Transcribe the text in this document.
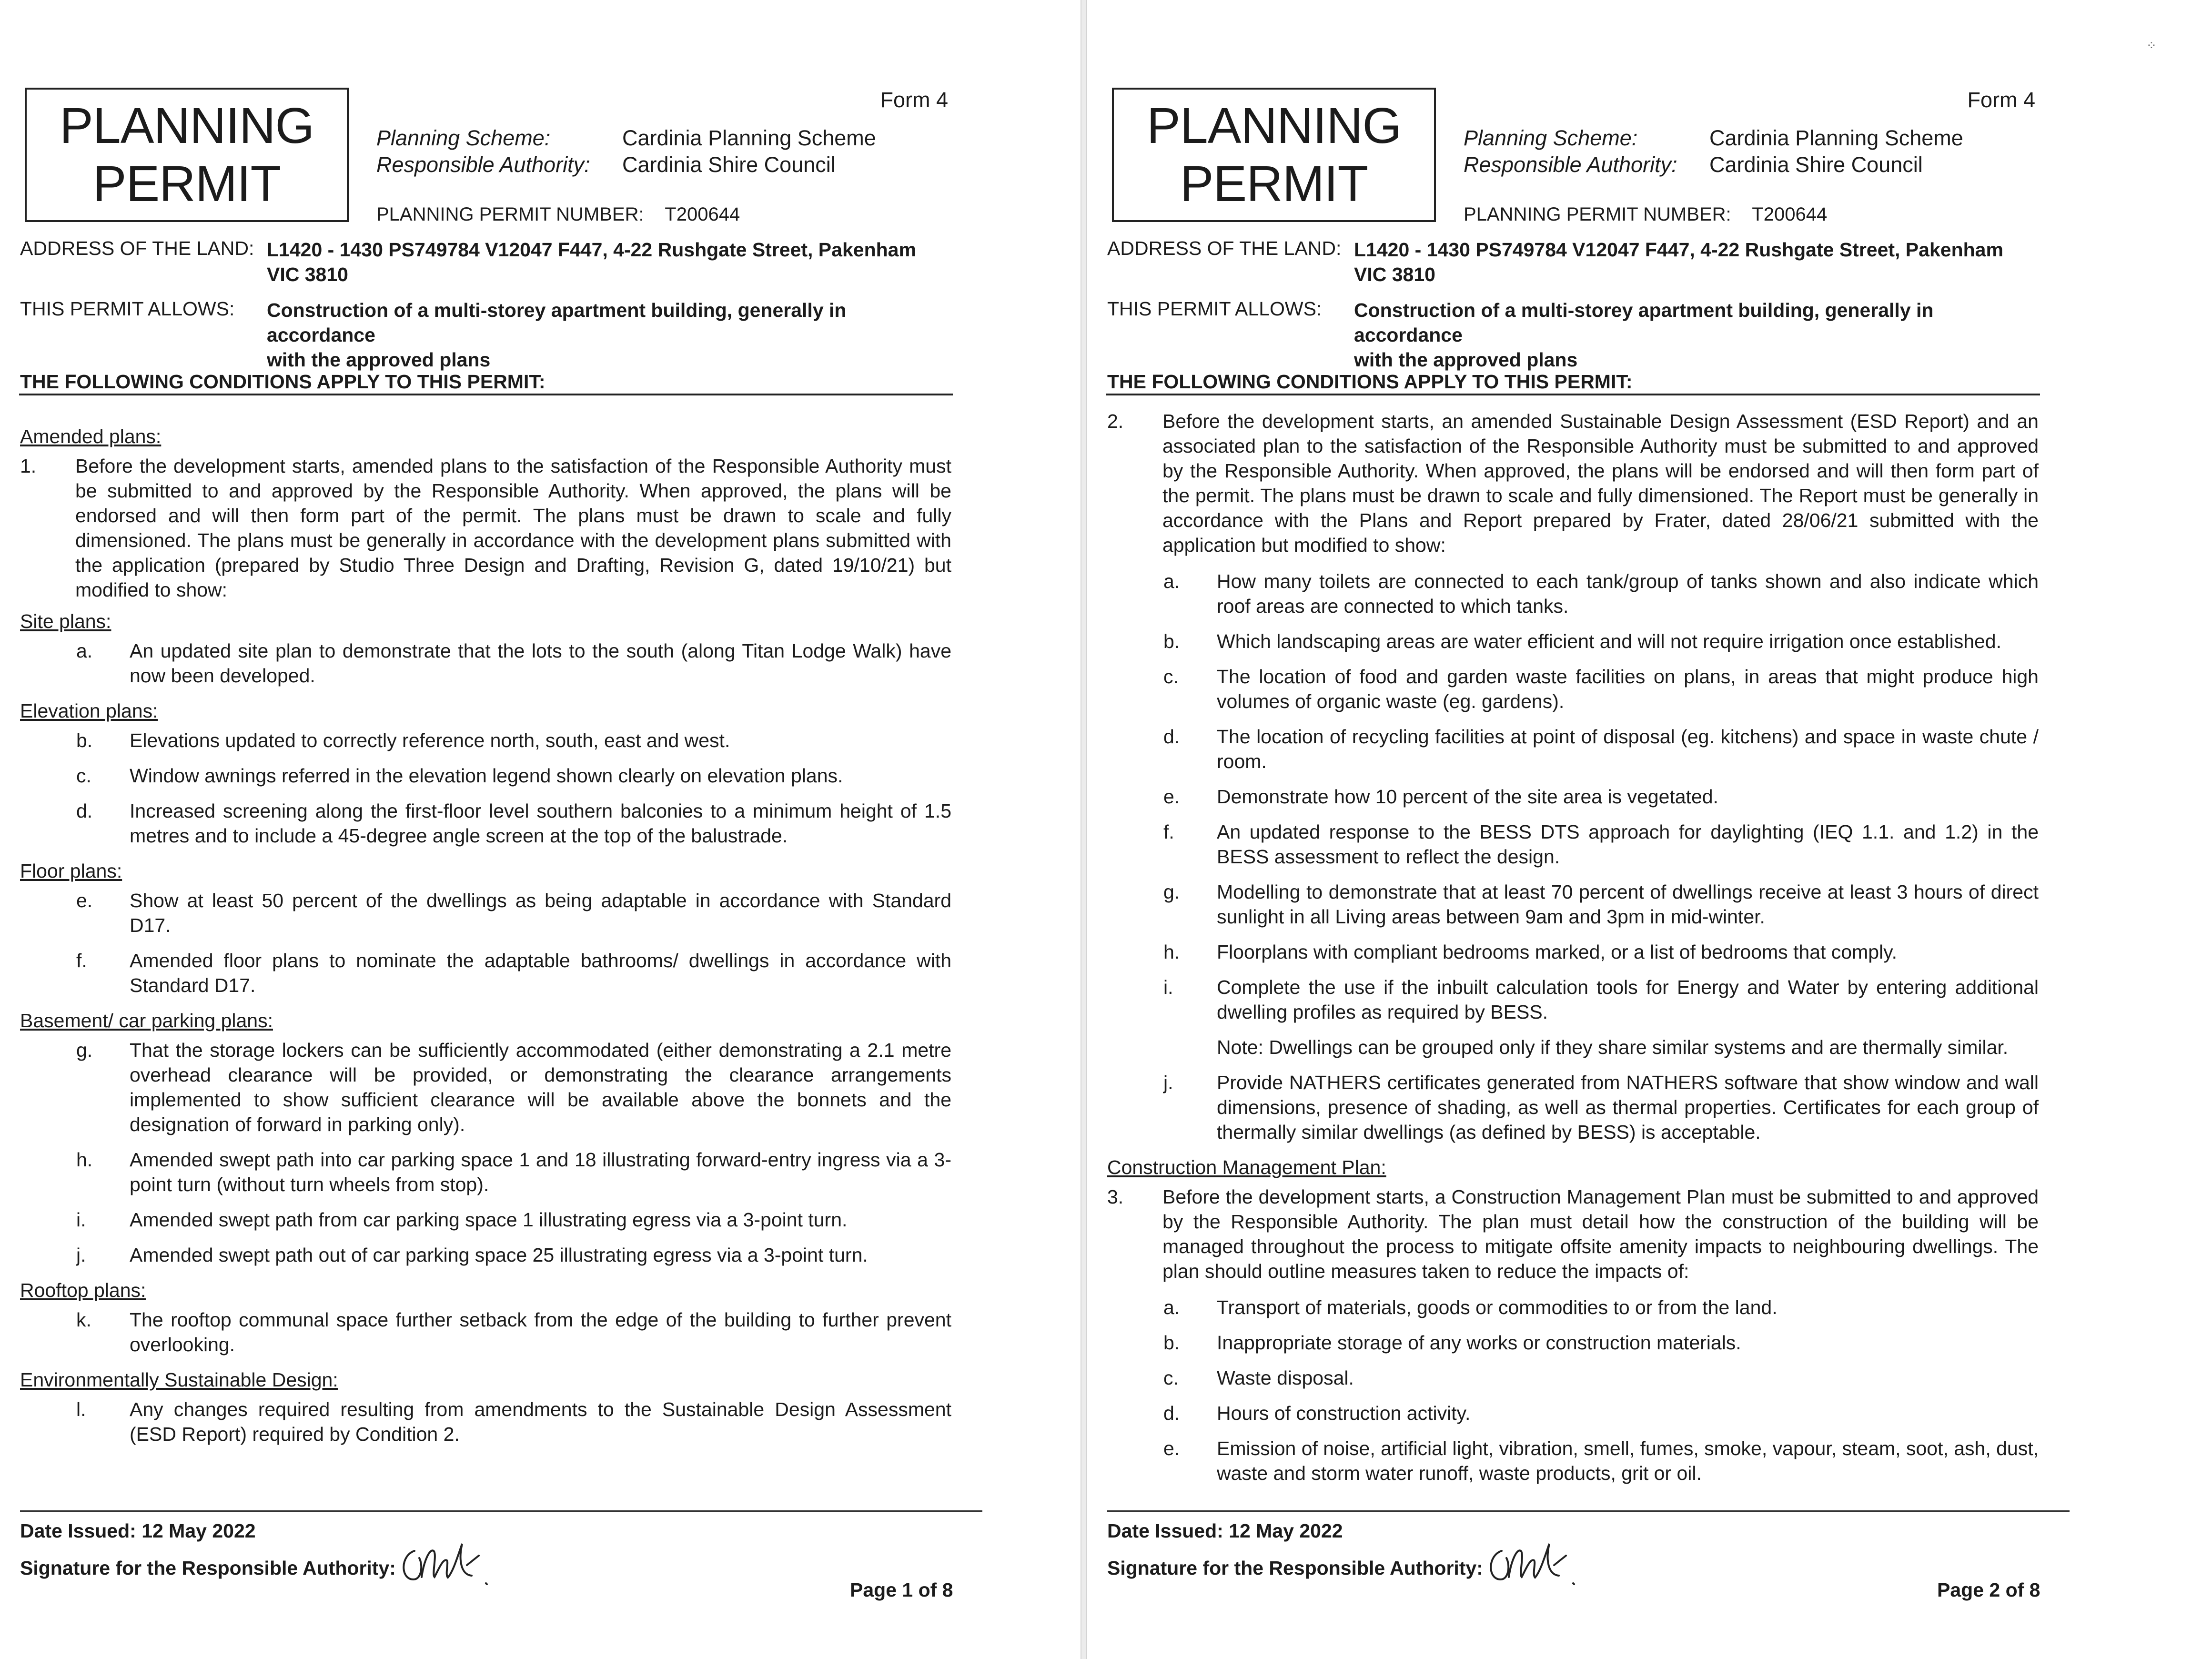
PLANNING
PERMIT
Form 4
Planning Scheme:	Cardinia Planning Scheme
Responsible Authority: Cardinia Shire Council
PLANNING PERMIT NUMBER:    T200644
ADDRESS OF THE LAND: L1420 - 1430 PS749784 V12047 F447, 4-22 Rushgate Street, Pakenham
VIC 3810
THIS PERMIT ALLOWS: Construction of a multi-storey apartment building, generally in accordance
with the approved plans
THE FOLLOWING CONDITIONS APPLY TO THIS PERMIT:
Amended plans:
1. Before the development starts, amended plans to the satisfaction of the Responsible Authority must be submitted to and approved by the Responsible Authority. When approved, the plans will be endorsed and will then form part of the permit. The plans must be drawn to scale and fully dimensioned. The plans must be generally in accordance with the development plans submitted with the application (prepared by Studio Three Design and Drafting, Revision G, dated 19/10/21) but modified to show:
Site plans:
a. An updated site plan to demonstrate that the lots to the south (along Titan Lodge Walk) have now been developed.
Elevation plans:
b. Elevations updated to correctly reference north, south, east and west.
c. Window awnings referred in the elevation legend shown clearly on elevation plans.
d. Increased screening along the first-floor level southern balconies to a minimum height of 1.5 metres and to include a 45-degree angle screen at the top of the balustrade.
Floor plans:
e. Show at least 50 percent of the dwellings as being adaptable in accordance with Standard D17.
f. Amended floor plans to nominate the adaptable bathrooms/ dwellings in accordance with Standard D17.
Basement/ car parking plans:
g. That the storage lockers can be sufficiently accommodated (either demonstrating a 2.1 metre overhead clearance will be provided, or demonstrating the clearance arrangements implemented to show sufficient clearance will be available above the bonnets and the designation of forward in parking only).
h. Amended swept path into car parking space 1 and 18 illustrating forward-entry ingress via a 3-point turn (without turn wheels from stop).
i. Amended swept path from car parking space 1 illustrating egress via a 3-point turn.
j. Amended swept path out of car parking space 25 illustrating egress via a 3-point turn.
Rooftop plans:
k. The rooftop communal space further setback from the edge of the building to further prevent overlooking.
Environmentally Sustainable Design:
l. Any changes required resulting from amendments to the Sustainable Design Assessment (ESD Report) required by Condition 2.
Date Issued: 12 May 2022
Signature for the Responsible Authority:
Page 1 of 8
PLANNING
PERMIT
Form 4
Planning Scheme:	Cardinia Planning Scheme
Responsible Authority: Cardinia Shire Council
PLANNING PERMIT NUMBER:    T200644
ADDRESS OF THE LAND: L1420 - 1430 PS749784 V12047 F447, 4-22 Rushgate Street, Pakenham
VIC 3810
THIS PERMIT ALLOWS: Construction of a multi-storey apartment building, generally in accordance
with the approved plans
THE FOLLOWING CONDITIONS APPLY TO THIS PERMIT:
2. Before the development starts, an amended Sustainable Design Assessment (ESD Report) and an associated plan to the satisfaction of the Responsible Authority must be submitted to and approved by the Responsible Authority. When approved, the plans will be endorsed and will then form part of the permit. The plans must be drawn to scale and fully dimensioned. The Report must be generally in accordance with the Plans and Report prepared by Frater, dated 28/06/21 submitted with the application but modified to show:
a. How many toilets are connected to each tank/group of tanks shown and also indicate which roof areas are connected to which tanks.
b. Which landscaping areas are water efficient and will not require irrigation once established.
c. The location of food and garden waste facilities on plans, in areas that might produce high volumes of organic waste (eg. gardens).
d. The location of recycling facilities at point of disposal (eg. kitchens) and space in waste chute / room.
e. Demonstrate how 10 percent of the site area is vegetated.
f. An updated response to the BESS DTS approach for daylighting (IEQ 1.1. and 1.2) in the BESS assessment to reflect the design.
g. Modelling to demonstrate that at least 70 percent of dwellings receive at least 3 hours of direct sunlight in all Living areas between 9am and 3pm in mid-winter.
h. Floorplans with compliant bedrooms marked, or a list of bedrooms that comply.
i. Complete the use if the inbuilt calculation tools for Energy and Water by entering additional dwelling profiles as required by BESS.
Note: Dwellings can be grouped only if they share similar systems and are thermally similar.
j. Provide NATHERS certificates generated from NATHERS software that show window and wall dimensions, presence of shading, as well as thermal properties. Certificates for each group of thermally similar dwellings (as defined by BESS) is acceptable.
Construction Management Plan:
3. Before the development starts, a Construction Management Plan must be submitted to and approved by the Responsible Authority. The plan must detail how the construction of the building will be managed throughout the process to mitigate offsite amenity impacts to neighbouring dwellings. The plan should outline measures taken to reduce the impacts of:
a. Transport of materials, goods or commodities to or from the land.
b. Inappropriate storage of any works or construction materials.
c. Waste disposal.
d. Hours of construction activity.
e. Emission of noise, artificial light, vibration, smell, fumes, smoke, vapour, steam, soot, ash, dust, waste and storm water runoff, waste products, grit or oil.
Date Issued: 12 May 2022
Signature for the Responsible Authority:
Page 2 of 8
⁘
